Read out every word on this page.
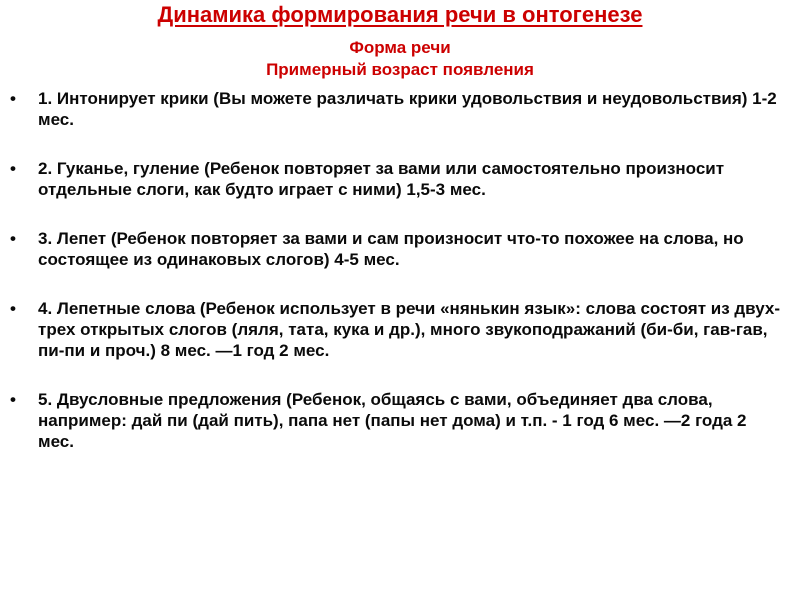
Динамика формирования речи в онтогенезе
Форма речи
Примерный возраст появления
•	1. Интонирует крики (Вы можете различать крики удовольствия и неудовольствия) 1-2 мес.
•	2. Гуканье, гуление (Ребенок повторяет за вами или самостоятельно произносит отдельные слоги, как будто играет с ними) 1,5-3 мес.
•	3. Лепет (Ребенок повторяет за вами и сам произносит что-то похожее на слова, но состоящее из одинаковых слогов) 4-5 мес.
•	4. Лепетные слова (Ребенок использует в речи «нянькин язык»: слова состоят из двух-трех открытых слогов (ляля, тата, кука и др.), много звукоподражаний (би-би, гав-гав, пи-пи и проч.) 8 мес. —1 год 2 мес.
•	5. Двусловные предложения (Ребенок, общаясь с вами, объединяет два слова, например: дай пи (дай пить), папа нет (папы нет дома) и т.п. - 1 год 6 мес. —2 года 2 мес.
